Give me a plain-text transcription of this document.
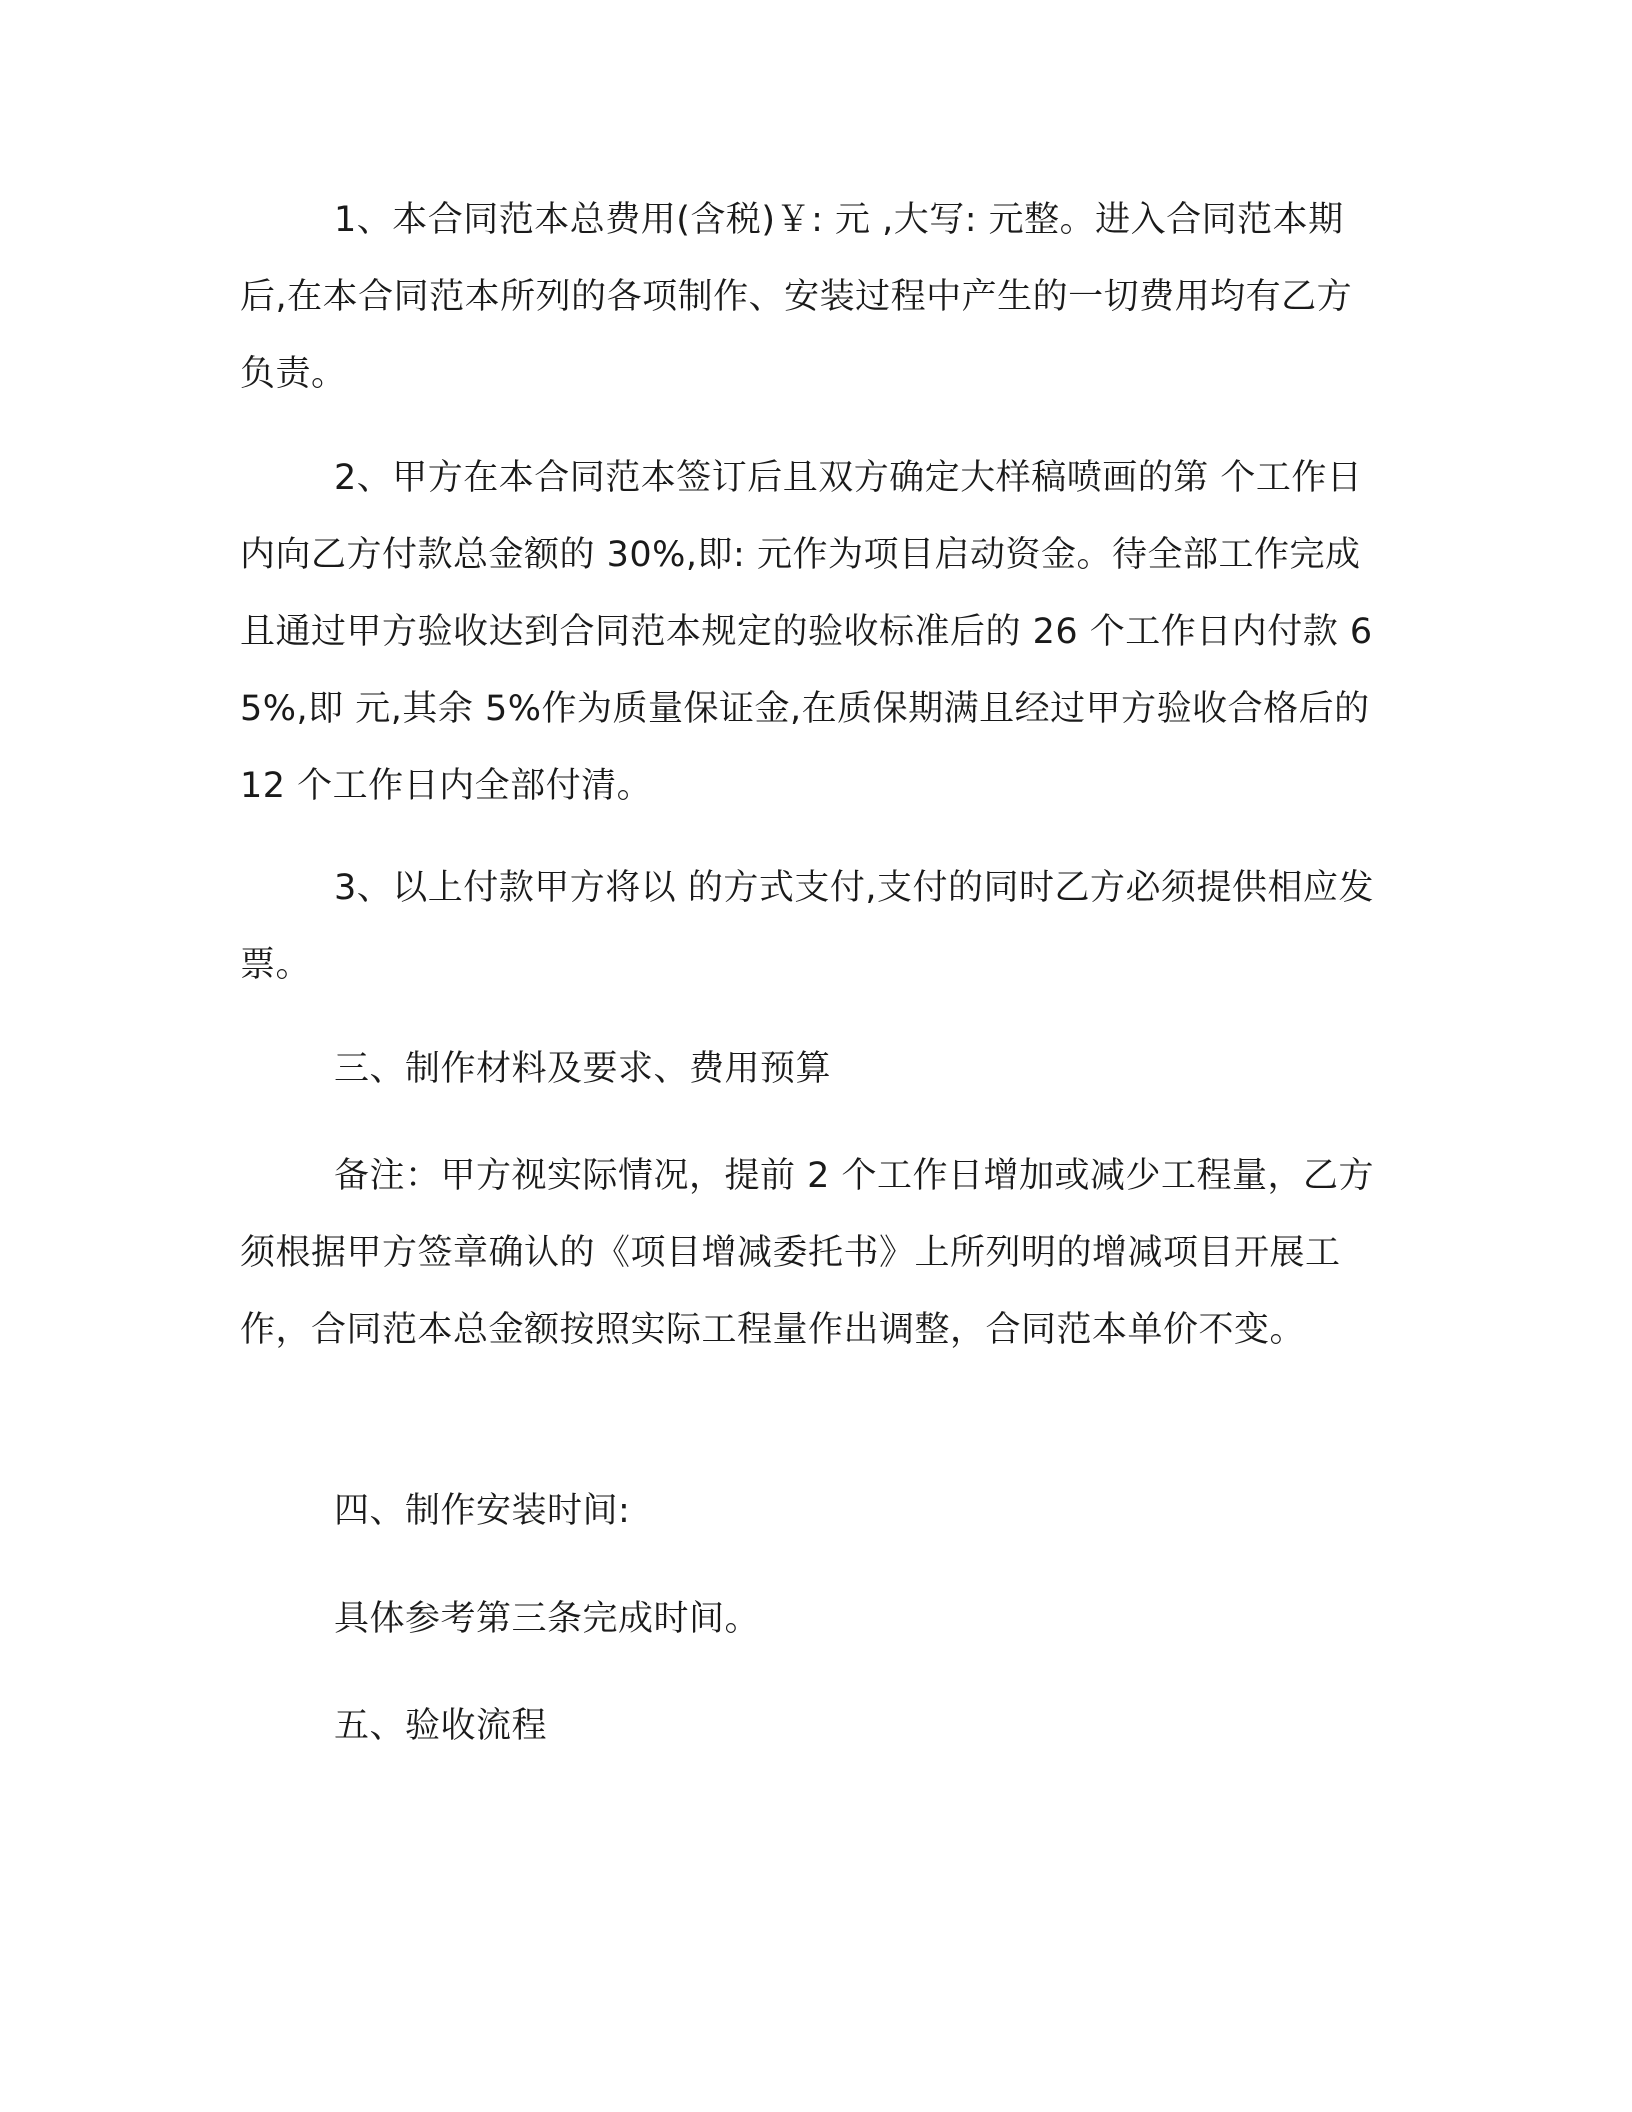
1、本合同范本总费用(含税)￥: 元 ,大写: 元整。进入合同范本期后,在本合同范本所列的各项制作、安装过程中产生的一切费用均有乙方负责。

2、甲方在本合同范本签订后且双方确定大样稿喷画的第 个工作日内向乙方付款总金额的 30%,即: 元作为项目启动资金。待全部工作完成且通过甲方验收达到合同范本规定的验收标准后的 26 个工作日内付款 65%,即 元,其余 5%作为质量保证金,在质保期满且经过甲方验收合格后的 12 个工作日内全部付清。

3、以上付款甲方将以 的方式支付,支付的同时乙方必须提供相应发票。

三、制作材料及要求、费用预算

备注：甲方视实际情况，提前 2 个工作日增加或减少工程量，乙方须根据甲方签章确认的《项目增减委托书》上所列明的增减项目开展工作，合同范本总金额按照实际工程量作出调整，合同范本单价不变。

四、制作安装时间:

具体参考第三条完成时间。

五、验收流程
